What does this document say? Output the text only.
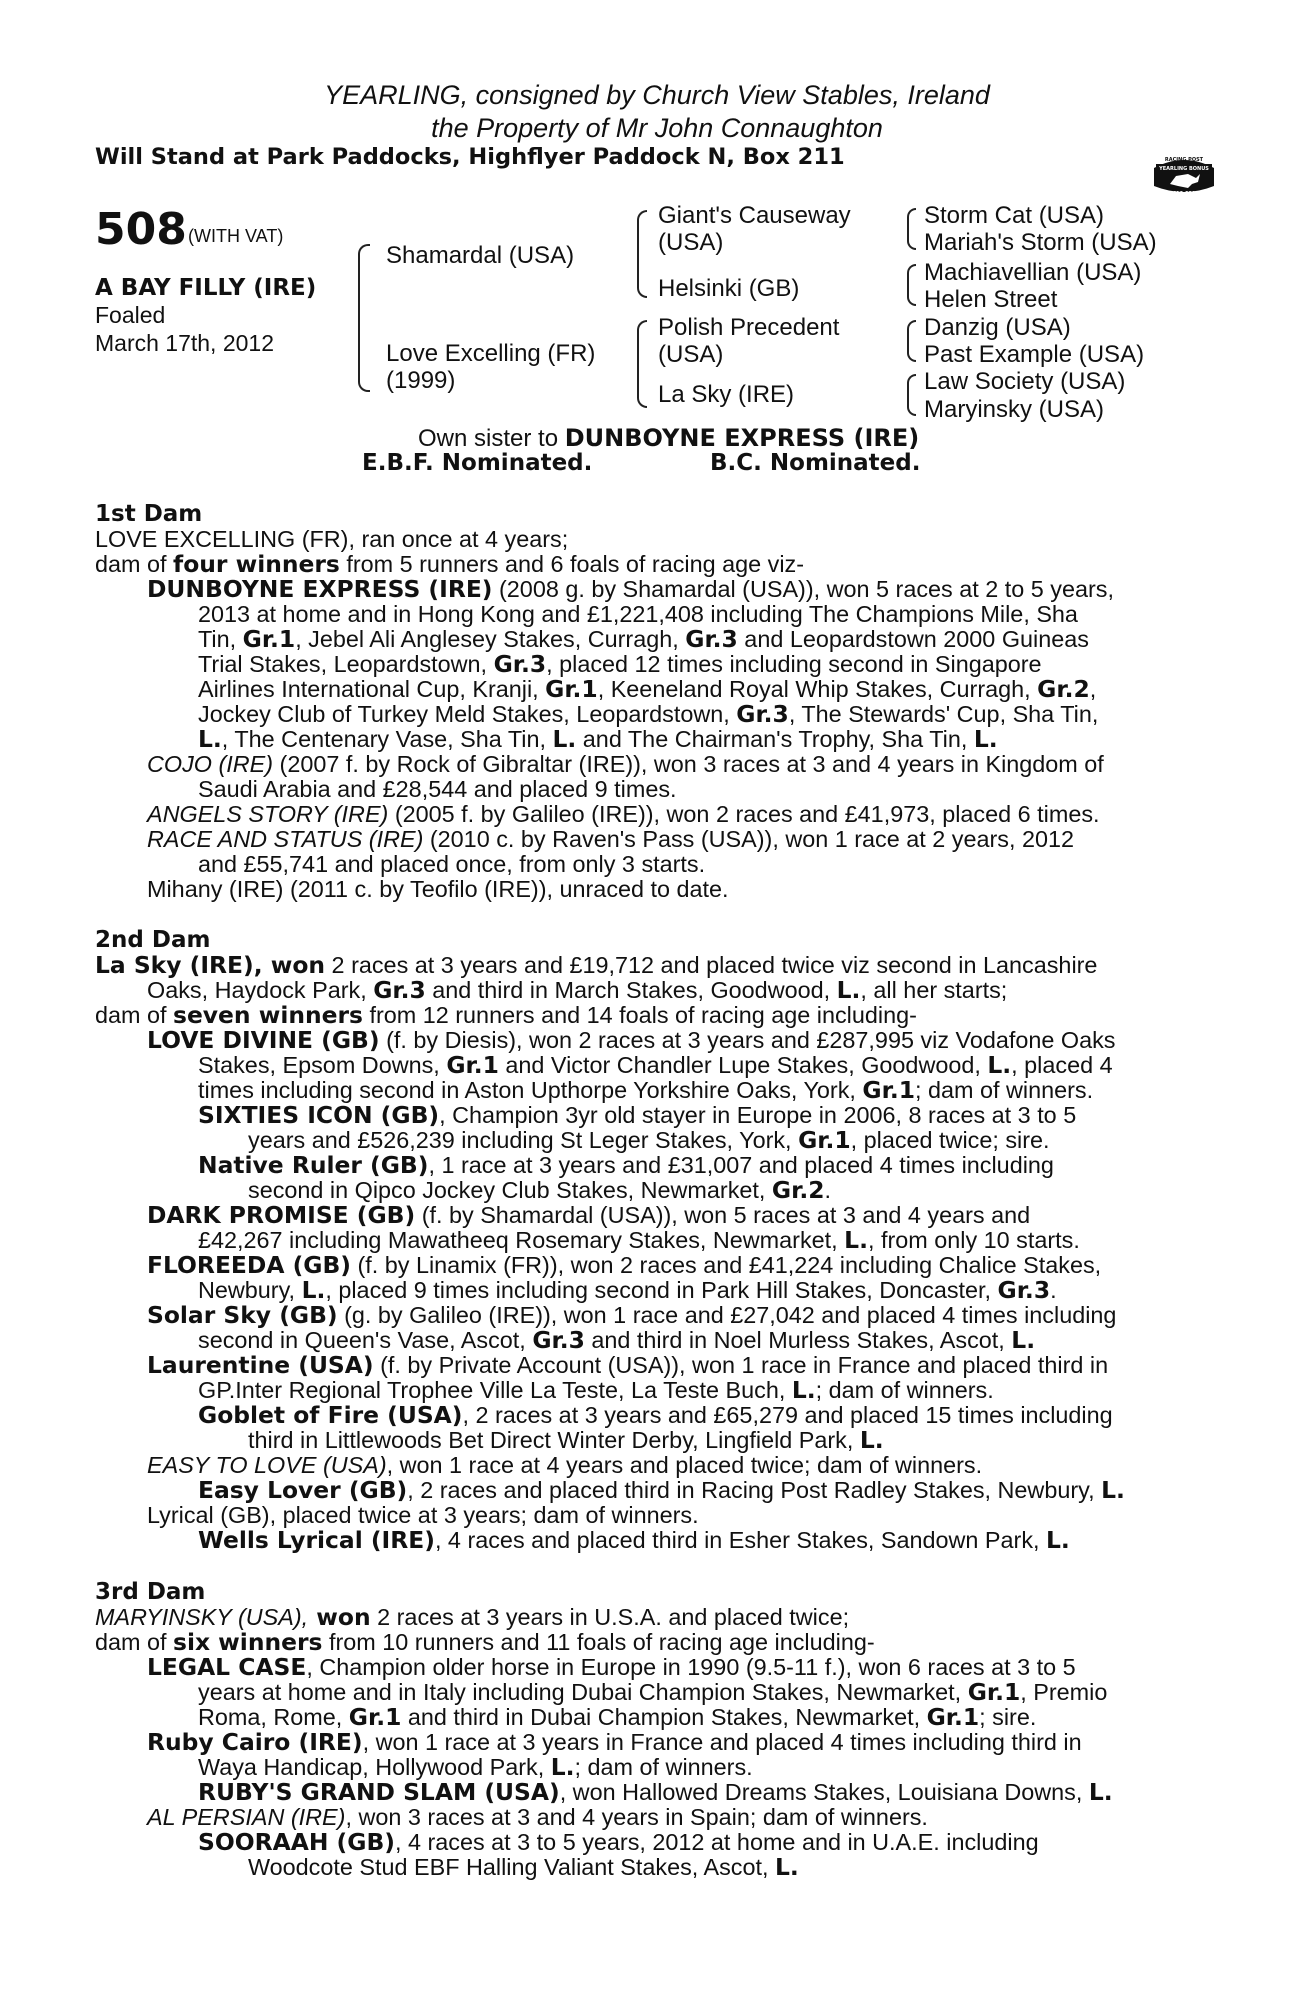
YEARLING, consigned by Church View Stables, Ireland
the Property of Mr John Connaughton
Will Stand at Park Paddocks, Highflyer Paddock N, Box 211	RACING POST
YEARLING BONUS
£10,000
508 (WITH VAT)
A BAY FILLY (IRE)
Foaled
March 17th, 2012
Shamardal (USA)
Love Excelling (FR)
(1999)
Giant's Causeway
(USA)
Helsinki (GB)
Polish Precedent
(USA)
La Sky (IRE)
Storm Cat (USA)
Mariah's Storm (USA)
Machiavellian (USA)
Helen Street
Danzig (USA)
Past Example (USA)
Law Society (USA)
Maryinsky (USA)
Own sister to DUNBOYNE EXPRESS (IRE)
E.B.F. Nominated.	B.C. Nominated.
1st Dam
LOVE EXCELLING (FR), ran once at 4 years;
dam of four winners from 5 runners and 6 foals of racing age viz-
DUNBOYNE EXPRESS (IRE) (2008 g. by Shamardal (USA)), won 5 races at 2 to 5 years,
2013 at home and in Hong Kong and £1,221,408 including The Champions Mile, Sha
Tin, Gr.1, Jebel Ali Anglesey Stakes, Curragh, Gr.3 and Leopardstown 2000 Guineas
Trial Stakes, Leopardstown, Gr.3, placed 12 times including second in Singapore
Airlines International Cup, Kranji, Gr.1, Keeneland Royal Whip Stakes, Curragh, Gr.2,
Jockey Club of Turkey Meld Stakes, Leopardstown, Gr.3, The Stewards' Cup, Sha Tin,
L., The Centenary Vase, Sha Tin, L. and The Chairman's Trophy, Sha Tin, L.
COJO (IRE) (2007 f. by Rock of Gibraltar (IRE)), won 3 races at 3 and 4 years in Kingdom of
Saudi Arabia and £28,544 and placed 9 times.
ANGELS STORY (IRE) (2005 f. by Galileo (IRE)), won 2 races and £41,973, placed 6 times.
RACE AND STATUS (IRE) (2010 c. by Raven's Pass (USA)), won 1 race at 2 years, 2012
and £55,741 and placed once, from only 3 starts.
Mihany (IRE) (2011 c. by Teofilo (IRE)), unraced to date.
2nd Dam
La Sky (IRE), won 2 races at 3 years and £19,712 and placed twice viz second in Lancashire
Oaks, Haydock Park, Gr.3 and third in March Stakes, Goodwood, L., all her starts;
dam of seven winners from 12 runners and 14 foals of racing age including-
LOVE DIVINE (GB) (f. by Diesis), won 2 races at 3 years and £287,995 viz Vodafone Oaks
Stakes, Epsom Downs, Gr.1 and Victor Chandler Lupe Stakes, Goodwood, L., placed 4
times including second in Aston Upthorpe Yorkshire Oaks, York, Gr.1; dam of winners.
SIXTIES ICON (GB), Champion 3yr old stayer in Europe in 2006, 8 races at 3 to 5
years and £526,239 including St Leger Stakes, York, Gr.1, placed twice; sire.
Native Ruler (GB), 1 race at 3 years and £31,007 and placed 4 times including
second in Qipco Jockey Club Stakes, Newmarket, Gr.2.
DARK PROMISE (GB) (f. by Shamardal (USA)), won 5 races at 3 and 4 years and
£42,267 including Mawatheeq Rosemary Stakes, Newmarket, L., from only 10 starts.
FLOREEDA (GB) (f. by Linamix (FR)), won 2 races and £41,224 including Chalice Stakes,
Newbury, L., placed 9 times including second in Park Hill Stakes, Doncaster, Gr.3.
Solar Sky (GB) (g. by Galileo (IRE)), won 1 race and £27,042 and placed 4 times including
second in Queen's Vase, Ascot, Gr.3 and third in Noel Murless Stakes, Ascot, L.
Laurentine (USA) (f. by Private Account (USA)), won 1 race in France and placed third in
GP.Inter Regional Trophee Ville La Teste, La Teste Buch, L.; dam of winners.
Goblet of Fire (USA), 2 races at 3 years and £65,279 and placed 15 times including
third in Littlewoods Bet Direct Winter Derby, Lingfield Park, L.
EASY TO LOVE (USA), won 1 race at 4 years and placed twice; dam of winners.
Easy Lover (GB), 2 races and placed third in Racing Post Radley Stakes, Newbury, L.
Lyrical (GB), placed twice at 3 years; dam of winners.
Wells Lyrical (IRE), 4 races and placed third in Esher Stakes, Sandown Park, L.
3rd Dam
MARYINSKY (USA), won 2 races at 3 years in U.S.A. and placed twice;
dam of six winners from 10 runners and 11 foals of racing age including-
LEGAL CASE, Champion older horse in Europe in 1990 (9.5-11 f.), won 6 races at 3 to 5
years at home and in Italy including Dubai Champion Stakes, Newmarket, Gr.1, Premio
Roma, Rome, Gr.1 and third in Dubai Champion Stakes, Newmarket, Gr.1; sire.
Ruby Cairo (IRE), won 1 race at 3 years in France and placed 4 times including third in
Waya Handicap, Hollywood Park, L.; dam of winners.
RUBY'S GRAND SLAM (USA), won Hallowed Dreams Stakes, Louisiana Downs, L.
AL PERSIAN (IRE), won 3 races at 3 and 4 years in Spain; dam of winners.
SOORAAH (GB), 4 races at 3 to 5 years, 2012 at home and in U.A.E. including
Woodcote Stud EBF Halling Valiant Stakes, Ascot, L.
